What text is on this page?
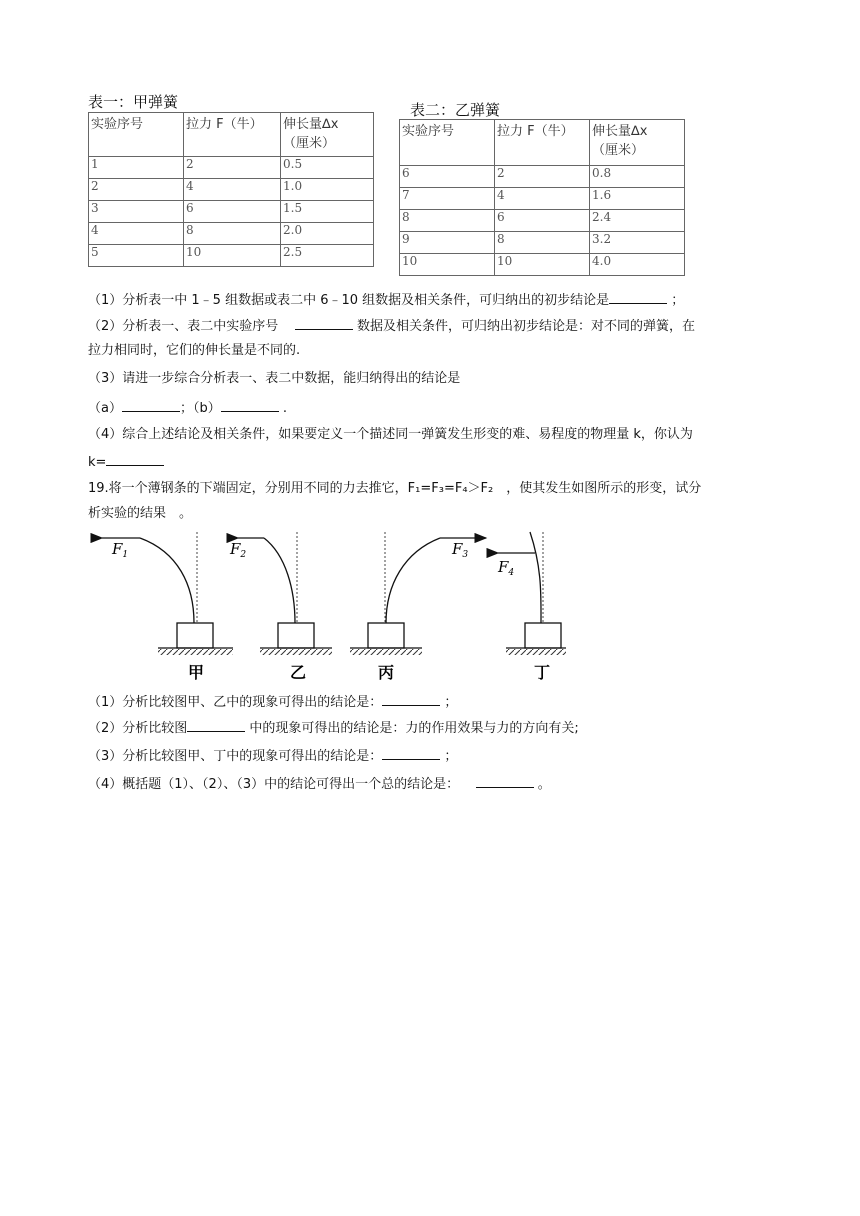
表一：甲弹簧
实验序号	拉力 F（牛）	伸长量∆x
（厘米）

1	2	0.5
2	4	1.0
3	6	1.5
4	8	2.0
5	10	2.5
表二：乙弹簧
实验序号	拉力 F（牛）	伸长量∆x
（厘米）

6	2	0.8
7	4	1.6
8	6	2.4
9	8	3.2
10	10	4.0
（1）分析表一中 1﹣5 组数据或表二中 6﹣10 组数据及相关条件，可归纳出的初步结论是	；
（2）分析表一、表二中实验序号	数据及相关条件，可归纳出初步结论是：对不同的弹簧，在
拉力相同时，它们的伸长量是不同的.
（3）请进一步综合分析表一、表二中数据，能归纳得出的结论是
（a）	；（b）	.
（4）综合上述结论及相关条件，如果要定义一个描述同一弹簧发生形变的难、易程度的物理量 k，你认为
k=
19.将一个薄钢条的下端固定，分别用不同的力去推它，F₁=F₃=F₄＞F₂　，使其发生如图所示的形变，试分
析实验的结果　。
$F_1$
甲
$F_2$
乙
$F_3$
丙
$F_4$
丁
（1）分析比较图甲、乙中的现象可得出的结论是：	；
（2）分析比较图	中的现象可得出的结论是：力的作用效果与力的方向有关;
（3）分析比较图甲、丁中的现象可得出的结论是：	；
（4）概括题（1）、（2）、（3）中的结论可得出一个总的结论是：	。
